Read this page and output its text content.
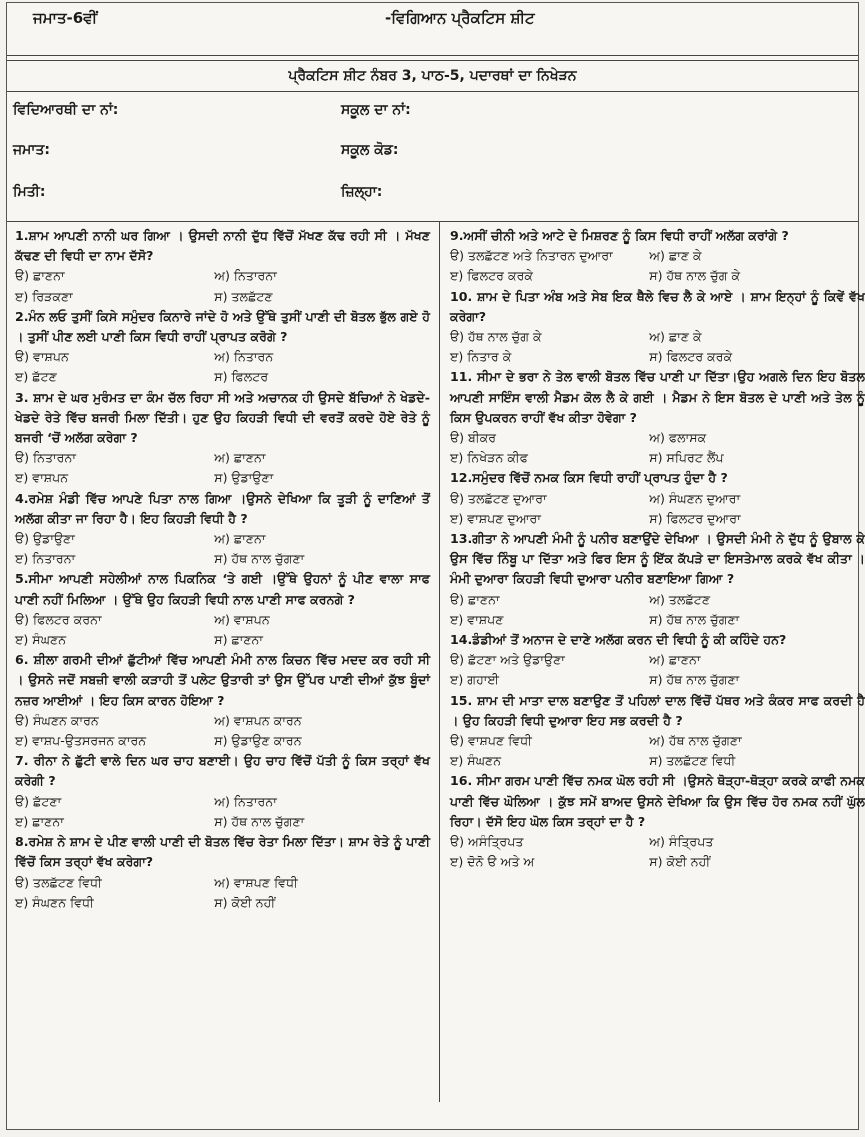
ਜਮਾਤ-6ਵੀਂ	-ਵਿਗਿਆਨ ਪ੍ਰੈਕਟਿਸ ਸ਼ੀਟ
ਪ੍ਰੈਕਟਿਸ ਸ਼ੀਟ ਨੰਬਰ 3, ਪਾਠ-5, ਪਦਾਰਥਾਂ ਦਾ ਨਿਖੇੜਨ
ਵਿਦਿਆਰਥੀ ਦਾ ਨਾਂ:	ਸਕੂਲ ਦਾ ਨਾਂ:
ਜਮਾਤ:	ਸਕੂਲ ਕੋਡ:
ਮਿਤੀ:	ਜ਼ਿਲ੍ਹਾ:
1.ਸ਼ਾਮ ਆਪਣੀ ਨਾਨੀ ਘਰ ਗਿਆ । ਉਸਦੀ ਨਾਨੀ ਦੁੱਧ ਵਿੱਚੋਂ ਮੱਖਣ ਕੱਢ ਰਹੀ ਸੀ । ਮੱਖਣ ਕੱਢਣ ਦੀ ਵਿਧੀ ਦਾ ਨਾਮ ਦੱਸੋ?
ੳ) ਛਾਣਨਾ	ਅ) ਨਿਤਾਰਨਾ
ੲ) ਰਿੜਕਣਾ	ਸ) ਤਲਛੱਟਣ
2.ਮੰਨ ਲਓ ਤੁਸੀਂ ਕਿਸੇ ਸਮੁੰਦਰ ਕਿਨਾਰੇ ਜਾਂਦੇ ਹੋ ਅਤੇ ਉੱਥੇ ਤੁਸੀਂ ਪਾਣੀ ਦੀ ਬੋਤਲ ਭੁੱਲ ਗਏ ਹੋ । ਤੁਸੀਂ ਪੀਣ ਲਈ ਪਾਣੀ ਕਿਸ ਵਿਧੀ ਰਾਹੀਂ ਪ੍ਰਾਪਤ ਕਰੋਗੇ ?
ੳ) ਵਾਸ਼ਪਨ	ਅ) ਨਿਤਾਰਨ
ੲ) ਛੱਟਣ	ਸ) ਫਿਲਟਰ
3. ਸ਼ਾਮ ਦੇ ਘਰ ਮੁਰੰਮਤ ਦਾ ਕੰਮ ਚੱਲ ਰਿਹਾ ਸੀ ਅਤੇ ਅਚਾਨਕ ਹੀ ਉਸਦੇ ਬੱਚਿਆਂ ਨੇ ਖੇਡਦੇ-ਖੇਡਦੇ ਰੇਤੇ ਵਿੱਚ ਬਜਰੀ ਮਿਲਾ ਦਿੱਤੀ। ਹੁਣ ਉਹ ਕਿਹੜੀ ਵਿਧੀ ਦੀ ਵਰਤੋਂ ਕਰਦੇ ਹੋਏ ਰੇਤੇ ਨੂੰ ਬਜਰੀ ‘ਚੋਂ ਅਲੱਗ ਕਰੇਗਾ ?
ੳ) ਨਿਤਾਰਨਾ	ਅ) ਛਾਣਨਾ
ੲ) ਵਾਸ਼ਪਨ	ਸ) ਉਡਾਉਣਾ
4.ਰਮੇਸ਼ ਮੰਡੀ ਵਿੱਚ ਆਪਣੇ ਪਿਤਾ ਨਾਲ ਗਿਆ ।ਉਸਨੇ ਦੇਖਿਆ ਕਿ ਤੂੜੀ ਨੂੰ ਦਾਣਿਆਂ ਤੋਂ ਅਲੱਗ ਕੀਤਾ ਜਾ ਰਿਹਾ ਹੈ। ਇਹ ਕਿਹੜੀ ਵਿਧੀ ਹੈ ?
ੳ) ਉਡਾਉਣਾ	ਅ) ਛਾਣਨਾ
ੲ) ਨਿਤਾਰਨਾ	ਸ) ਹੱਥ ਨਾਲ ਚੁੱਗਣਾ
5.ਸੀਮਾ ਆਪਣੀ ਸਹੇਲੀਆਂ ਨਾਲ ਪਿਕਨਿਕ ‘ਤੇ ਗਈ ।ਉੱਥੇ ਉਹਨਾਂ ਨੂੰ ਪੀਣ ਵਾਲਾ ਸਾਫ ਪਾਣੀ ਨਹੀਂ ਮਿਲਿਆ । ਉੱਥੇ ਉਹ ਕਿਹੜੀ ਵਿਧੀ ਨਾਲ ਪਾਣੀ ਸਾਫ ਕਰਨਗੇ ?
ੳ) ਫਿਲਟਰ ਕਰਨਾ	ਅ) ਵਾਸ਼ਪਨ
ੲ) ਸੰਘਣਨ	ਸ) ਛਾਣਨਾ
6. ਸ਼ੀਲਾ ਗਰਮੀ ਦੀਆਂ ਛੁੱਟੀਆਂ ਵਿੱਚ ਆਪਣੀ ਮੰਮੀ ਨਾਲ ਕਿਚਨ ਵਿੱਚ ਮਦਦ ਕਰ ਰਹੀ ਸੀ । ਉਸਨੇ ਜਦੋਂ ਸਬਜ਼ੀ ਵਾਲੀ ਕੜਾਹੀ ਤੋਂ ਪਲੇਟ ਉਤਾਰੀ ਤਾਂ ਉਸ ਉੱਪਰ ਪਾਣੀ ਦੀਆਂ ਕੁੱਝ ਬੂੰਦਾਂ ਨਜ਼ਰ ਆਈਆਂ । ਇਹ ਕਿਸ ਕਾਰਨ ਹੋਇਆ ?
ੳ) ਸੰਘਣਨ ਕਾਰਨ	ਅ) ਵਾਸ਼ਪਨ ਕਾਰਨ
ੲ) ਵਾਸ਼ਪ-ਉਤਸਰਜਨ ਕਾਰਨ	ਸ) ਉਡਾਉਣ ਕਾਰਨ
7. ਰੀਨਾ ਨੇ ਛੁੱਟੀ ਵਾਲੇ ਦਿਨ ਘਰ ਚਾਹ ਬਣਾਈ। ਉਹ ਚਾਹ ਵਿੱਚੋਂ ਪੱਤੀ ਨੂੰ ਕਿਸ ਤਰ੍ਹਾਂ ਵੱਖ ਕਰੇਗੀ ?
ੳ) ਛੱਟਣਾ	ਅ) ਨਿਤਾਰਨਾ
ੲ) ਛਾਣਨਾ	ਸ) ਹੱਥ ਨਾਲ ਚੁੱਗਣਾ
8.ਰਮੇਸ਼ ਨੇ ਸ਼ਾਮ ਦੇ ਪੀਣ ਵਾਲੀ ਪਾਣੀ ਦੀ ਬੋਤਲ ਵਿੱਚ ਰੇਤਾ ਮਿਲਾ ਦਿੱਤਾ। ਸ਼ਾਮ ਰੇਤੇ ਨੂੰ ਪਾਣੀ ਵਿੱਚੋਂ ਕਿਸ ਤਰ੍ਹਾਂ ਵੱਖ ਕਰੇਗਾ?
ੳ) ਤਲਛੱਟਣ ਵਿਧੀ	ਅ) ਵਾਸ਼ਪਣ ਵਿਧੀ
ੲ) ਸੰਘਣਨ ਵਿਧੀ	ਸ) ਕੋਈ ਨਹੀਂ
9.ਅਸੀਂ ਚੀਨੀ ਅਤੇ ਆਟੇ ਦੇ ਮਿਸ਼ਰਣ ਨੂੰ ਕਿਸ ਵਿਧੀ ਰਾਹੀਂ ਅਲੱਗ ਕਰਾਂਗੇ ?
ੳ) ਤਲਛੱਟਣ ਅਤੇ ਨਿਤਾਰਨ ਦੁਆਰਾ	ਅ) ਛਾਣ ਕੇ
ੲ) ਫਿਲਟਰ ਕਰਕੇ	ਸ) ਹੱਥ ਨਾਲ ਚੁੱਗ ਕੇ
10. ਸ਼ਾਮ ਦੇ ਪਿਤਾ ਅੰਬ ਅਤੇ ਸੇਬ ਇਕ ਥੈਲੇ ਵਿਚ ਲੈ ਕੇ ਆਏ । ਸ਼ਾਮ ਇਨ੍ਹਾਂ ਨੂੰ ਕਿਵੇਂ ਵੱਖ ਕਰੇਗਾ?
ੳ) ਹੱਥ ਨਾਲ ਚੁੱਗ ਕੇ	ਅ) ਛਾਣ ਕੇ
ੲ) ਨਿਤਾਰ ਕੇ	ਸ) ਫਿਲਟਰ ਕਰਕੇ
11. ਸੀਮਾ ਦੇ ਭਰਾ ਨੇ ਤੇਲ ਵਾਲੀ ਬੋਤਲ ਵਿੱਚ ਪਾਣੀ ਪਾ ਦਿੱਤਾ।ਉਹ ਅਗਲੇ ਦਿਨ ਇਹ ਬੋਤਲ ਆਪਣੀ ਸਾਇੰਸ ਵਾਲੀ ਮੈਡਮ ਕੋਲ ਲੈ ਕੇ ਗਈ । ਮੈਡਮ ਨੇ ਇਸ ਬੋਤਲ ਦੇ ਪਾਣੀ ਅਤੇ ਤੇਲ ਨੂੰ ਕਿਸ ਉਪਕਰਨ ਰਾਹੀਂ ਵੱਖ ਕੀਤਾ ਹੋਵੇਗਾ ?
ੳ) ਬੀਕਰ	ਅ) ਫਲਾਸਕ
ੲ) ਨਿਖੇੜਨ ਕੀਫ	ਸ) ਸਪਿਰਟ ਲੈਂਪ
12.ਸਮੁੰਦਰ ਵਿੱਚੋਂ ਨਮਕ ਕਿਸ ਵਿਧੀ ਰਾਹੀਂ ਪ੍ਰਾਪਤ ਹੁੰਦਾ ਹੈ ?
ੳ) ਤਲਛੱਟਣ ਦੁਆਰਾ	ਅ) ਸੰਘਣਨ ਦੁਆਰਾ
ੲ) ਵਾਸ਼ਪਣ ਦੁਆਰਾ	ਸ) ਫਿਲਟਰ ਦੁਆਰਾ
13.ਗੀਤਾ ਨੇ ਆਪਣੀ ਮੰਮੀ ਨੂੰ ਪਨੀਰ ਬਣਾਉਂਦੇ ਦੇਖਿਆ । ਉਸਦੀ ਮੰਮੀ ਨੇ ਦੁੱਧ ਨੂੰ ਉਬਾਲ ਕੇ ਉਸ ਵਿੱਚ ਨਿੰਬੂ ਪਾ ਦਿੱਤਾ ਅਤੇ ਫਿਰ ਇਸ ਨੂੰ ਇੱਕ ਕੱਪੜੇ ਦਾ ਇਸਤੇਮਾਲ ਕਰਕੇ ਵੱਖ ਕੀਤਾ । ਮੰਮੀ ਦੁਆਰਾ ਕਿਹੜੀ ਵਿਧੀ ਦੁਆਰਾ ਪਨੀਰ ਬਣਾਇਆ ਗਿਆ ?
ੳ) ਛਾਣਨਾ	ਅ) ਤਲਛੱਟਣ
ੲ) ਵਾਸ਼ਪਣ	ਸ) ਹੱਥ ਨਾਲ ਚੁੱਗਣਾ
14.ਡੰਡੀਆਂ ਤੋਂ ਅਨਾਜ ਦੇ ਦਾਣੇ ਅਲੱਗ ਕਰਨ ਦੀ ਵਿਧੀ ਨੂੰ ਕੀ ਕਹਿੰਦੇ ਹਨ?
ੳ) ਛੱਟਣਾ ਅਤੇ ਉਡਾਉਣਾ	ਅ) ਛਾਣਨਾ
ੲ) ਗਹਾਈ	ਸ) ਹੱਥ ਨਾਲ ਚੁੱਗਣਾ
15. ਸ਼ਾਮ ਦੀ ਮਾਤਾ ਦਾਲ ਬਣਾਉਣ ਤੋਂ ਪਹਿਲਾਂ ਦਾਲ ਵਿੱਚੋਂ ਪੱਥਰ ਅਤੇ ਕੰਕਰ ਸਾਫ ਕਰਦੀ ਹੈ । ਉਹ ਕਿਹੜੀ ਵਿਧੀ ਦੁਆਰਾ ਇਹ ਸਭ ਕਰਦੀ ਹੈ ?
ੳ) ਵਾਸ਼ਪਣ ਵਿਧੀ	ਅ) ਹੱਥ ਨਾਲ ਚੁੱਗਣਾ
ੲ) ਸੰਘਣਨ	ਸ) ਤਲਛੱਟਣ ਵਿਧੀ
16. ਸੀਮਾ ਗਰਮ ਪਾਣੀ ਵਿੱਚ ਨਮਕ ਘੋਲ ਰਹੀ ਸੀ ।ਉਸਨੇ ਥੋੜ੍ਹਾ-ਥੋੜ੍ਹਾ ਕਰਕੇ ਕਾਫੀ ਨਮਕ ਪਾਣੀ ਵਿੱਚ ਘੋਲਿਆ । ਕੁੱਝ ਸਮੇਂ ਬਾਅਦ ਉਸਨੇ ਦੇਖਿਆ ਕਿ ਉਸ ਵਿੱਚ ਹੋਰ ਨਮਕ ਨਹੀਂ ਘੁੱਲ ਰਿਹਾ। ਦੱਸੋ ਇਹ ਘੋਲ ਕਿਸ ਤਰ੍ਹਾਂ ਦਾ ਹੈ ?
ੳ) ਅਸੰਤ੍ਰਿਪਤ	ਅ) ਸੰਤ੍ਰਿਪਤ
ੲ) ਦੋਨੋ ੳ ਅਤੇ ਅ	ਸ) ਕੋਈ ਨਹੀਂ
